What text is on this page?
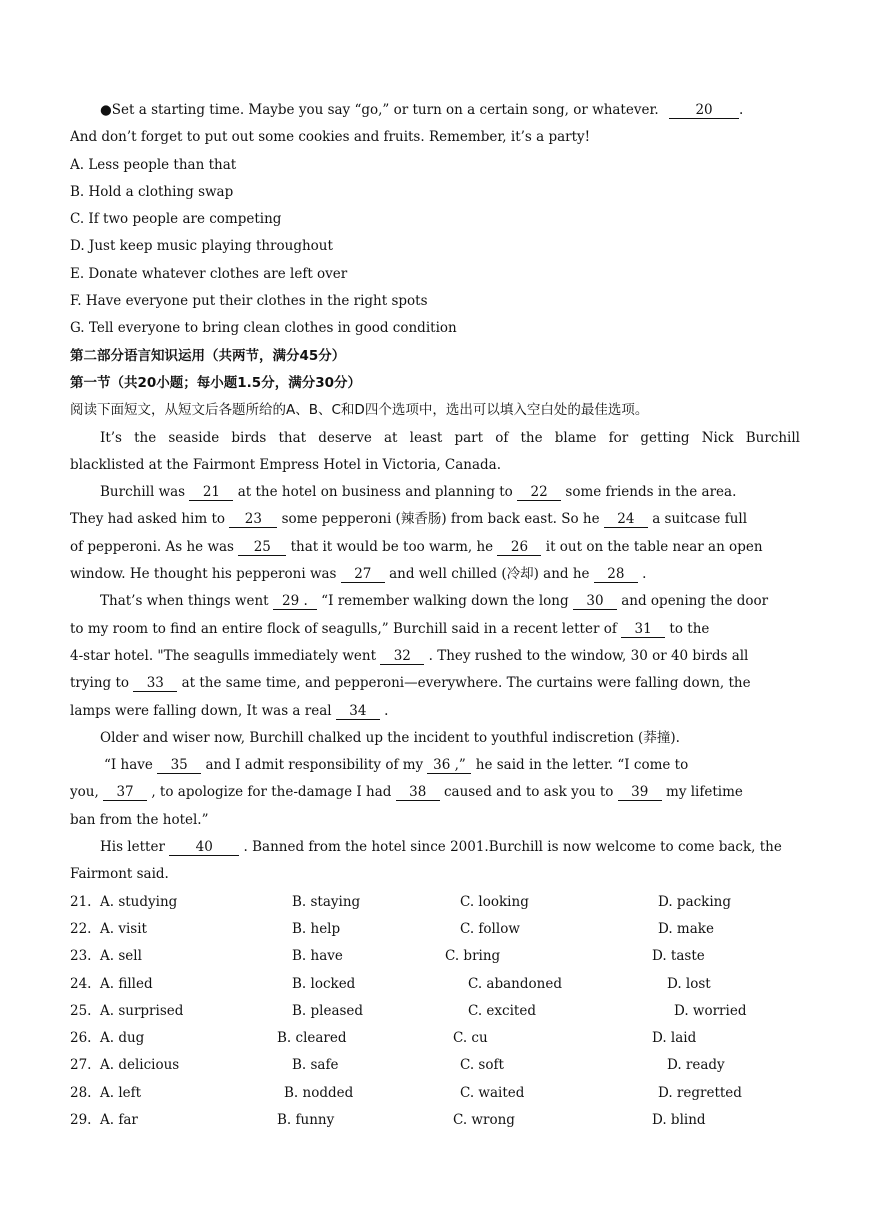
●Set a starting time. Maybe you say “go,” or turn on a certain song, or whatever.	20 .
And don’t forget to put out some cookies and fruits. Remember, it’s a party!
A. Less people than that
B. Hold a clothing swap
C. If two people are competing
D. Just keep music playing throughout
E. Donate whatever clothes are left over
F. Have everyone put their clothes in the right spots
G. Tell everyone to bring clean clothes in good condition
第二部分语言知识运用（共两节，满分45分）
第一节（共20小题；每小题1.5分，满分30分）
阅读下面短文，从短文后各题所给的A、B、C和D四个选项中，选出可以填入空白处的最佳选项。
It’s the seaside birds that deserve at least part of the blame for getting Nick Burchill
blacklisted at the Fairmont Empress Hotel in Victoria, Canada.
Burchill was 21 at the hotel on business and planning to 22 some friends in the area.
They had asked him to 23 some pepperoni (辣香肠) from back east. So he 24 a suitcase full
of pepperoni. As he was 25 that it would be too warm, he 26 it out on the table near an open
window. He thought his pepperoni was 27 and well chilled (冷却) and he 28 .
That’s when things went 29 . “I remember walking down the long 30 and opening the door
to my room to find an entire flock of seagulls,” Burchill said in a recent letter of 31 to the
4-star hotel. "The seagulls immediately went 32 . They rushed to the window, 30 or 40 birds all
trying to 33 at the same time, and pepperoni—everywhere. The curtains were falling down, the
lamps were falling down, It was a real 34 .
Older and wiser now, Burchill chalked up the incident to youthful indiscretion (莽撞).
“I have 35 and I admit responsibility of my 36 ,” he said in the letter. “I come to
you, 37 , to apologize for the-damage I had 38 caused and to ask you to 39 my lifetime
ban from the hotel.”
His letter 40 . Banned from the hotel since 2001.Burchill is now welcome to come back, the
Fairmont said.
21. A. studying	B. staying	C. looking	D. packing
22. A. visit	B. help	C. follow	D. make
23. A. sell	B. have	C. bring	D. taste
24. A. filled	B. locked	C. abandoned	D. lost
25. A. surprised	B. pleased	C. excited	D. worried
26. A. dug	B. cleared	C. cu	D. laid
27. A. delicious	B. safe	C. soft	D. ready
28. A. left	B. nodded	C. waited	D. regretted
29. A. far	B. funny	C. wrong	D. blind
